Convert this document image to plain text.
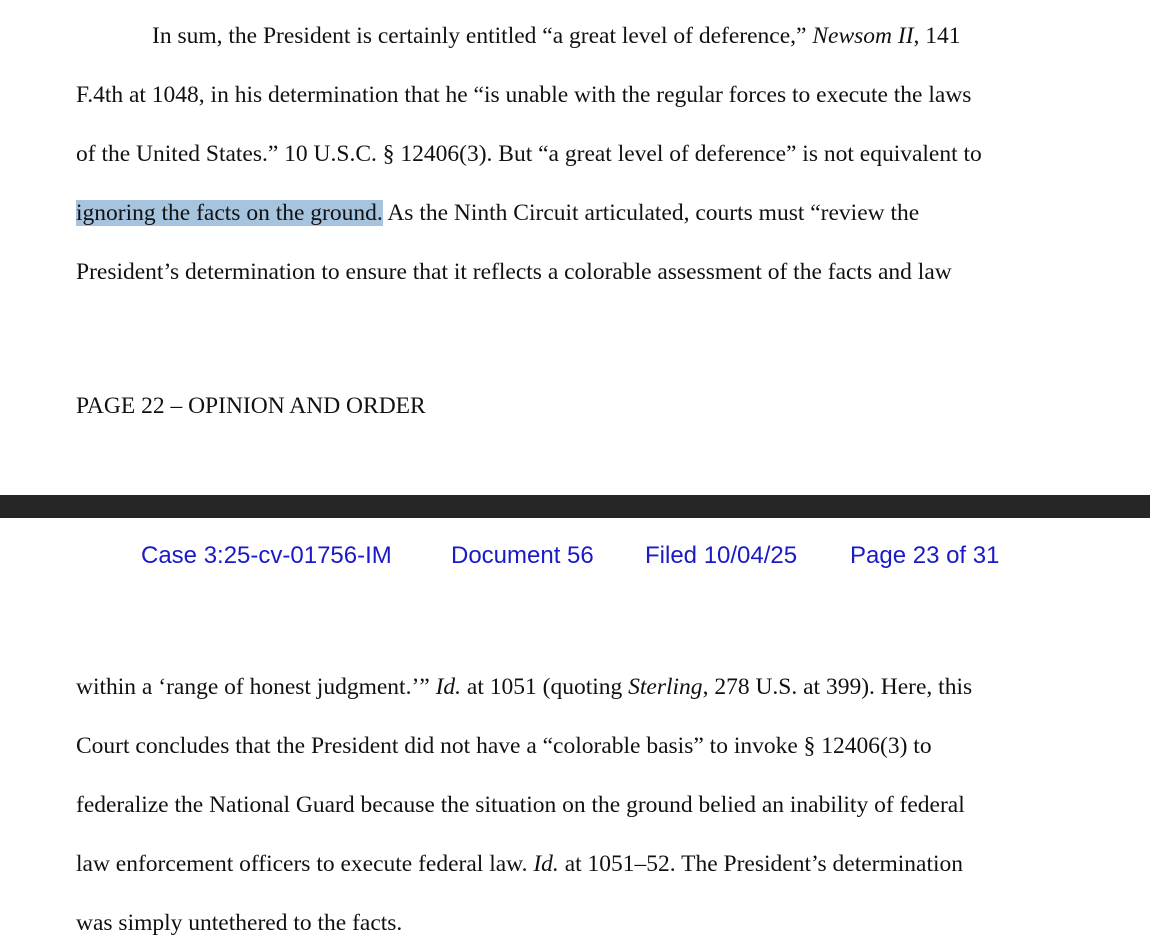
In sum, the President is certainly entitled “a great level of deference,” Newsom II, 141
F.4th at 1048, in his determination that he “is unable with the regular forces to execute the laws
of the United States.” 10 U.S.C. § 12406(3). But “a great level of deference” is not equivalent to
ignoring the facts on the ground. As the Ninth Circuit articulated, courts must “review the
President’s determination to ensure that it reflects a colorable assessment of the facts and law
PAGE 22 – OPINION AND ORDER
Case 3:25-cv-01756-IM Document 56 Filed 10/04/25 Page 23 of 31
within a ‘range of honest judgment.’” Id. at 1051 (quoting Sterling, 278 U.S. at 399). Here, this
Court concludes that the President did not have a “colorable basis” to invoke § 12406(3) to
federalize the National Guard because the situation on the ground belied an inability of federal
law enforcement officers to execute federal law. Id. at 1051–52. The President’s determination
was simply untethered to the facts.
